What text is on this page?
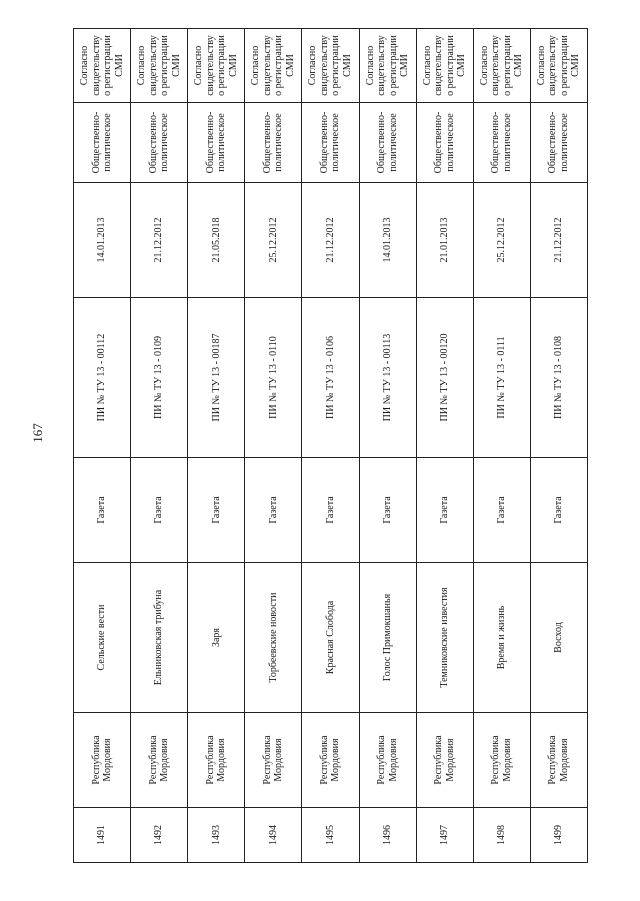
167
1491	Республика Мордовия	Сельские вести	Газета	ПИ № ТУ 13 - 00112	14.01.2013	Общественно-политическое	Согласно свидетельству о регистрации СМИ
1492	Республика Мордовия	Ельниковская трибуна	Газета	ПИ № ТУ 13 - 0109	21.12.2012	Общественно-политическое	Согласно свидетельству о регистрации СМИ
1493	Республика Мордовия	Заря	Газета	ПИ № ТУ 13 - 00187	21.05.2018	Общественно-политическое	Согласно свидетельству о регистрации СМИ
1494	Республика Мордовия	Торбеевские новости	Газета	ПИ № ТУ 13 - 0110	25.12.2012	Общественно-политическое	Согласно свидетельству о регистрации СМИ
1495	Республика Мордовия	Красная Слобода	Газета	ПИ № ТУ 13 - 0106	21.12.2012	Общественно-политическое	Согласно свидетельству о регистрации СМИ
1496	Республика Мордовия	Голос Примокшанья	Газета	ПИ № ТУ 13 - 00113	14.01.2013	Общественно-политическое	Согласно свидетельству о регистрации СМИ
1497	Республика Мордовия	Темниковские известия	Газета	ПИ № ТУ 13 - 00120	21.01.2013	Общественно-политическое	Согласно свидетельству о регистрации СМИ
1498	Республика Мордовия	Время и жизнь	Газета	ПИ № ТУ 13 - 0111	25.12.2012	Общественно-политическое	Согласно свидетельству о регистрации СМИ
1499	Республика Мордовия	Восход	Газета	ПИ № ТУ 13 - 0108	21.12.2012	Общественно-политическое	Согласно свидетельству о регистрации СМИ
